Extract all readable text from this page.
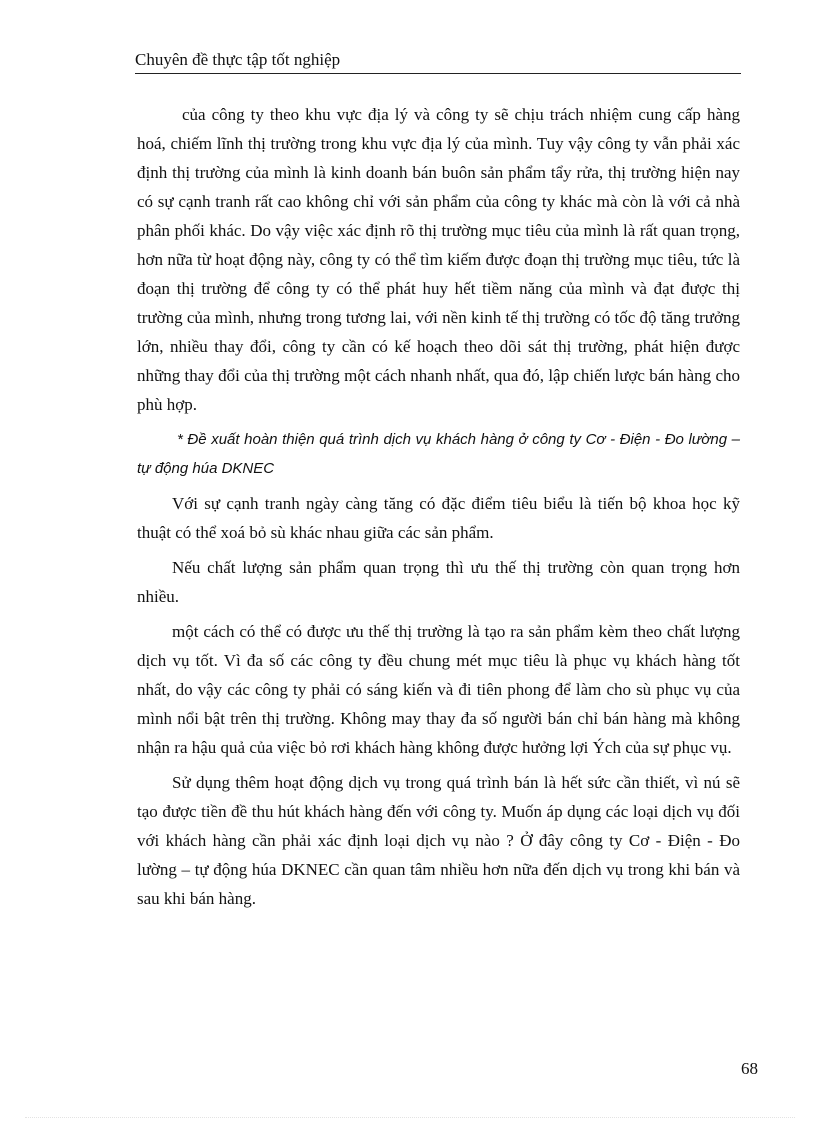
Chuyên đề thực tập tốt nghiệp

của công ty theo khu vực địa lý và công ty sẽ chịu trách nhiệm cung cấp hàng hoá, chiếm lĩnh thị trường trong khu vực địa lý của mình. Tuy vậy công ty vẫn phải xác định thị trường của mình là kinh doanh bán buôn sản phẩm tẩy rửa, thị trường hiện nay có sự cạnh tranh rất cao không chỉ với sản phẩm của công ty khác mà còn là với cả nhà phân phối khác. Do vậy việc xác định rõ thị trường mục tiêu của mình là rất quan trọng, hơn nữa từ hoạt động này, công ty có thể tìm kiếm được đoạn thị trường mục tiêu, tức là đoạn thị trường để công ty có thể phát huy hết tiềm năng của mình và đạt được thị trường của mình, nhưng trong tương lai, với nền kinh tế thị trường có tốc độ tăng trưởng lớn, nhiều thay đổi, công ty cần có kế hoạch theo dõi sát thị trường, phát hiện được những thay đổi của thị trường một cách nhanh nhất, qua đó, lập chiến lược bán hàng cho phù hợp.

* Đề xuất hoàn thiện quá trình dịch vụ khách hàng ở công ty Cơ - Điện - Đo lường – tự động húa DKNEC

Với sự cạnh tranh ngày càng tăng có đặc điểm tiêu biểu là tiến bộ khoa học kỹ thuật có thể xoá bỏ sù khác nhau giữa các sản phẩm.

Nếu chất lượng sản phẩm quan trọng thì ưu thế thị trường còn quan trọng hơn nhiều.

một cách có thể có được ưu thế thị trường là tạo ra sản phẩm kèm theo chất lượng dịch vụ tốt. Vì đa số các công ty đều chung mét mục tiêu là phục vụ khách hàng tốt nhất, do vậy các công ty phải có sáng kiến và đi tiên phong để làm cho sù phục vụ của mình nổi bật trên thị trường. Không may thay đa số người bán chỉ bán hàng mà không nhận ra hậu quả của việc bỏ rơi khách hàng không được hưởng lợi Ých của sự phục vụ.

Sử dụng thêm hoạt động dịch vụ trong quá trình bán là hết sức cần thiết, vì nú sẽ tạo được tiền đề thu hút khách hàng đến với công ty. Muốn áp dụng các loại dịch vụ đối với khách hàng cần phải xác định loại dịch vụ nào ? Ở đây công ty Cơ - Điện - Đo lường – tự động húa DKNEC cần quan tâm nhiều hơn nữa đến dịch vụ trong khi bán và sau khi bán hàng.

68
